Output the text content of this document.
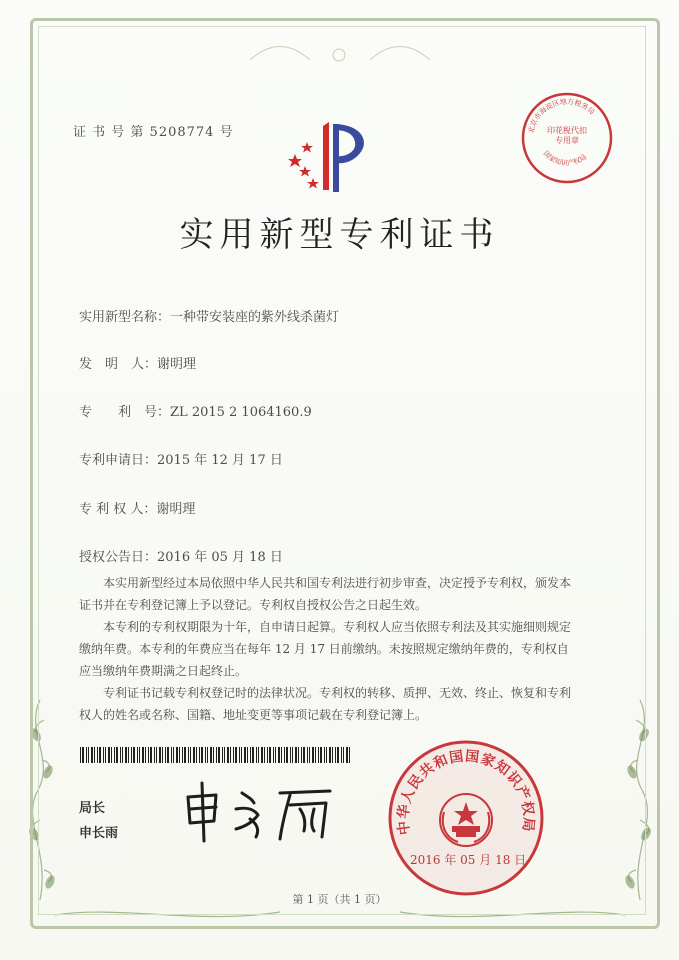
证 书 号 第 5208774 号	北京市海淀区地方税务局
印花税代扣专用章
国家知识产权局
实用新型专利证书
实用新型名称：一种带安装座的紫外线杀菌灯
发　明　人：谢明理
专　　利　号：ZL 2015 2 1064160.9
专利申请日：2015 年 12 月 17 日
专 利 权 人：谢明理
授权公告日：2016 年 05 月 18 日
本实用新型经过本局依照中华人民共和国专利法进行初步审查，决定授予专利权，颁发本证书并在专利登记簿上予以登记。专利权自授权公告之日起生效。
本专利的专利权期限为十年，自申请日起算。专利权人应当依照专利法及其实施细则规定缴纳年费。本专利的年费应当在每年 12 月 17 日前缴纳。未按照规定缴纳年费的，专利权自应当缴纳年费期满之日起终止。
专利证书记载专利权登记时的法律状况。专利权的转移、质押、无效、终止、恢复和专利权人的姓名或名称、国籍、地址变更等事项记载在专利登记簿上。
局长
申长雨	中华人民共和国国家知识产权局
2016 年 05 月 18 日
第 1 页（共 1 页）
